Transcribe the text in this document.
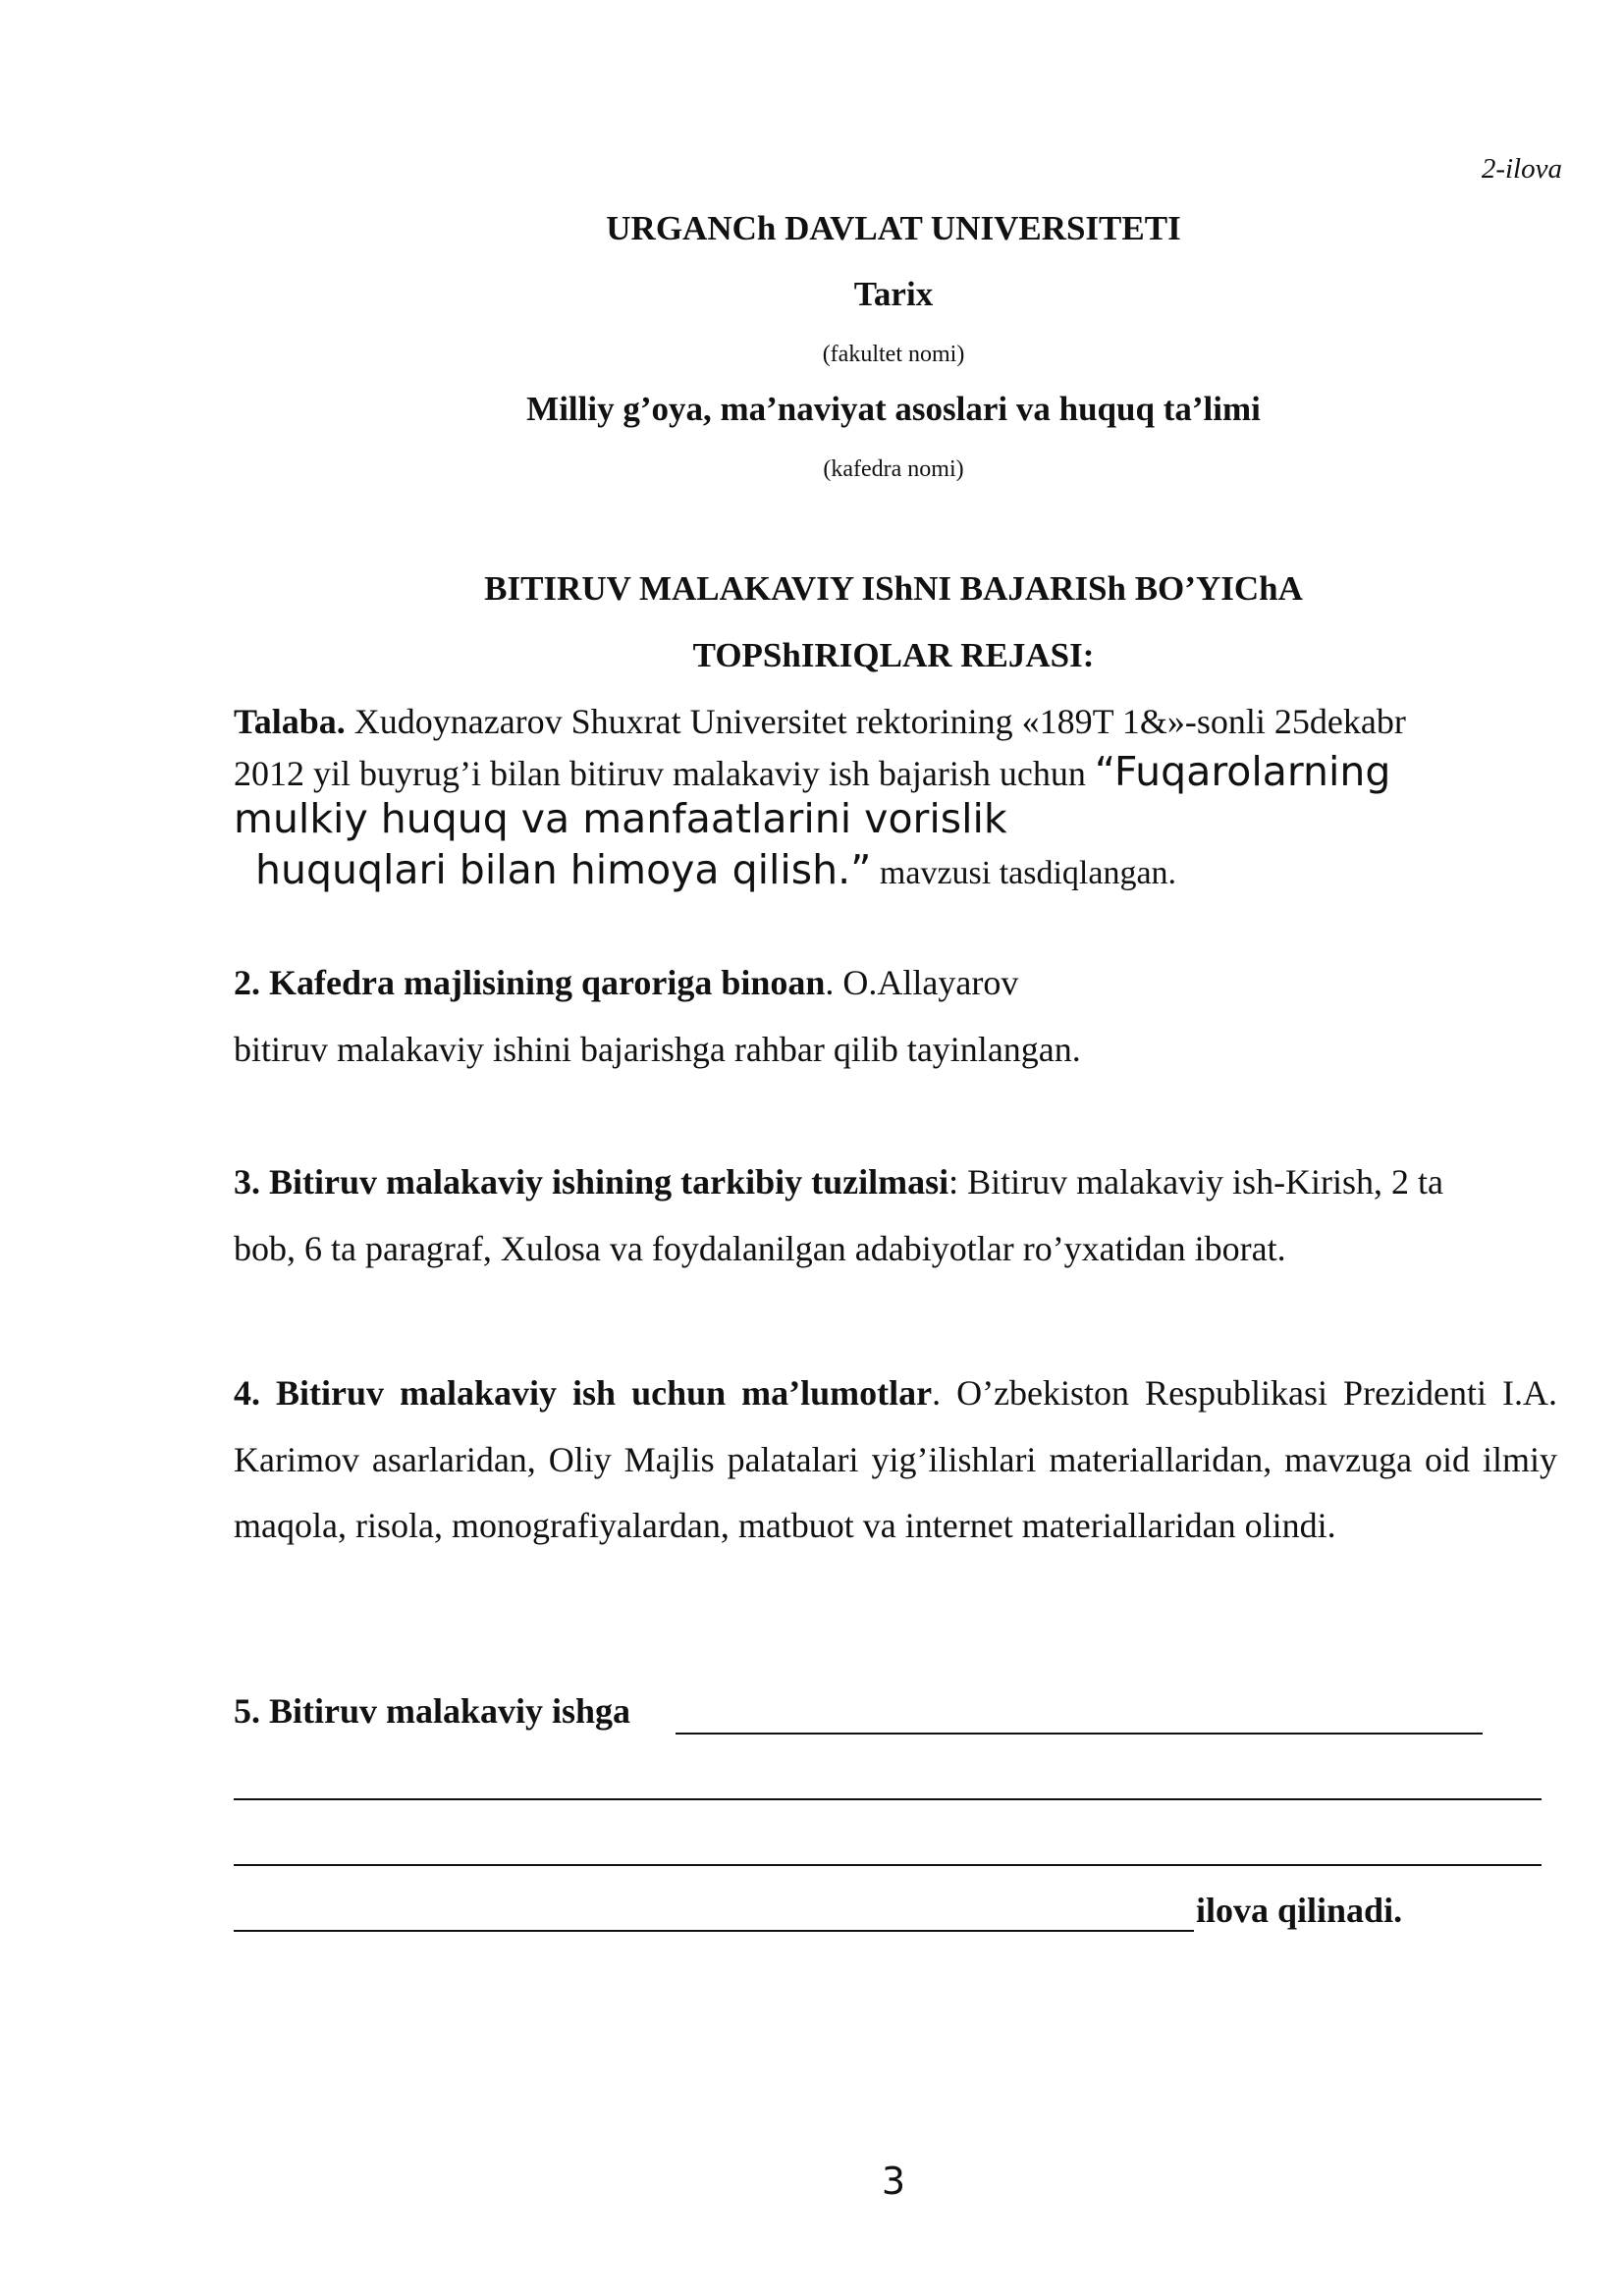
2-ilova
URGANCh DAVLAT UNIVERSITETI
Tarix
(fakultet nomi)
Milliy g’oya, ma’naviyat asoslari va huquq ta’limi
(kafedra nomi)
BITIRUV MALAKAVIY IShNI BAJARISh BO’YIChA
TOPShIRIQLAR REJASI:
Talaba. Xudoynazarov Shuxrat Universitet rektorining «189T 1&»-sonli 25dekabr
2012 yil buyrug’i bilan bitiruv malakaviy ish bajarish uchun “Fuqarolarning
mulkiy huquq va manfaatlarini vorislik
huquqlari bilan himoya qilish.” mavzusi tasdiqlangan.
2. Kafedra majlisining qaroriga binoan. O.Allayarov
bitiruv malakaviy ishini bajarishga rahbar qilib tayinlangan.
3. Bitiruv malakaviy ishining tarkibiy tuzilmasi: Bitiruv malakaviy ish-Kirish, 2 ta
bob, 6 ta paragraf, Xulosa va foydalanilgan adabiyotlar ro’yxatidan iborat.
4. Bitiruv malakaviy ish uchun ma’lumotlar. O’zbekiston Respublikasi Prezidenti I.A. Karimov asarlaridan, Oliy Majlis palatalari yig’ilishlari materiallaridan, mavzuga oid ilmiy maqola, risola, monografiyalardan, matbuot va internet materiallaridan olindi.
5. Bitiruv malakaviy ishga
ilova qilinadi.
3
